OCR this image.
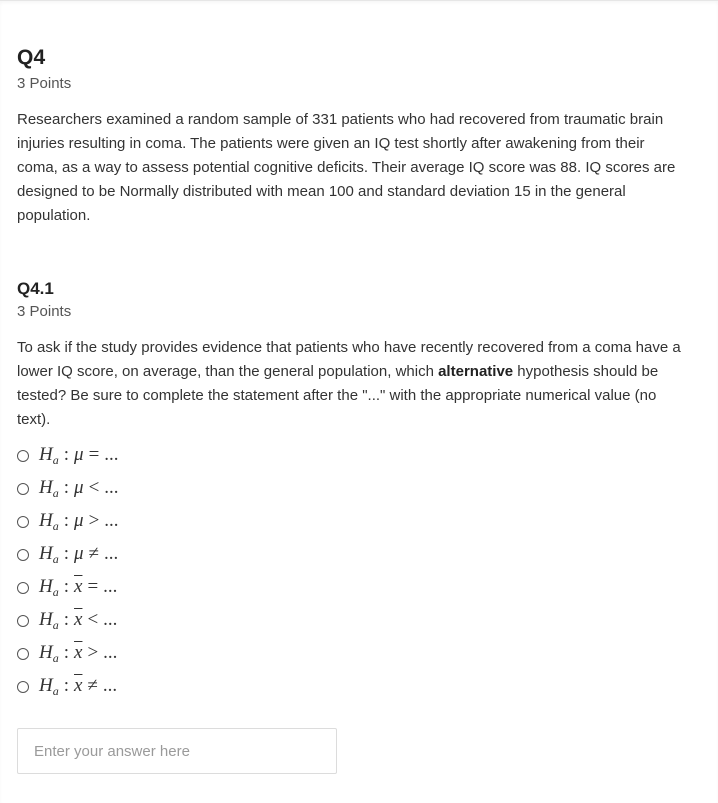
Q4
3 Points

Researchers examined a random sample of 331 patients who had recovered from traumatic brain injuries resulting in coma. The patients were given an IQ test shortly after awakening from their coma, as a way to assess potential cognitive deficits. Their average IQ score was 88. IQ scores are designed to be Normally distributed with mean 100 and standard deviation 15 in the general population.

Q4.1
3 Points

To ask if the study provides evidence that patients who have recently recovered from a coma have a lower IQ score, on average, than the general population, which alternative hypothesis should be tested? Be sure to complete the statement after the "..." with the appropriate numerical value (no text).

$H_a$ : μ = ...
$H_a$ : μ < ...
$H_a$ : μ > ...
$H_a$ : μ ≠ ...
$H_a$ : $\overline{x}$ = ...
$H_a$ : $\overline{x}$ < ...
$H_a$ : $\overline{x}$ > ...
$H_a$ : $\overline{x}$ ≠ ...
Enter your answer here
